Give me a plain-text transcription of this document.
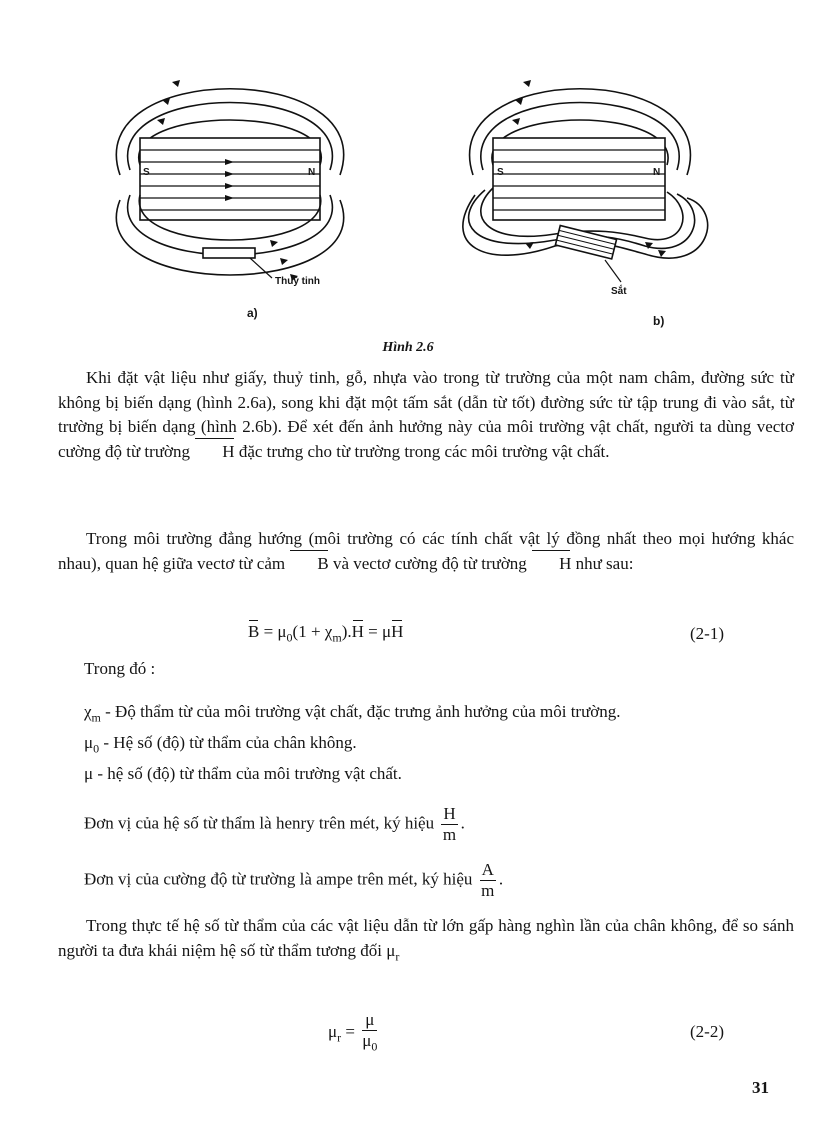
Thuỷ tinh
S	N
a)
Sắt
S	N
b)
Hình 2.6
Khi đặt vật liệu như giấy, thuỷ tinh, gỗ, nhựa vào trong từ trường của một nam châm, đường sức từ không bị biến dạng (hình 2.6a), song khi đặt một tấm sắt (dẫn từ tốt) đường sức từ tập trung đi vào sắt, từ trường bị biến dạng (hình 2.6b). Để xét đến ảnh hưởng này của môi trường vật chất, người ta dùng vectơ cường độ từ trường H đặc trưng cho từ trường trong các môi trường vật chất.
Trong môi trường đẳng hướng (môi trường có các tính chất vật lý đồng nhất theo mọi hướng khác nhau), quan hệ giữa vectơ từ cảm B và vectơ cường độ từ trường H như sau:
$B = \mu_0(1 + \chi_m).H = \mu H$	(2-1)
Trong đó :
$\chi_m$ - Độ thẩm từ của môi trường vật chất, đặc trưng ảnh hưởng của môi trường.
$\mu_0$ - Hệ số (độ) từ thẩm của chân không.
μ - hệ số (độ) từ thẩm của môi trường vật chất.
Đơn vị của hệ số từ thẩm là henry trên mét, ký hiệu $\frac{H}{m}$ .
Đơn vị của cường độ từ trường là ampe trên mét, ký hiệu $\frac{A}{m}$ .
Trong thực tế hệ số từ thẩm của các vật liệu dẫn từ lớn gấp hàng nghìn lần của chân không, để so sánh người ta đưa khái niệm hệ số từ thẩm tương đối $\mu_r$
$\mu_r = \frac{\mu}{\mu_0}$	(2-2)
31
